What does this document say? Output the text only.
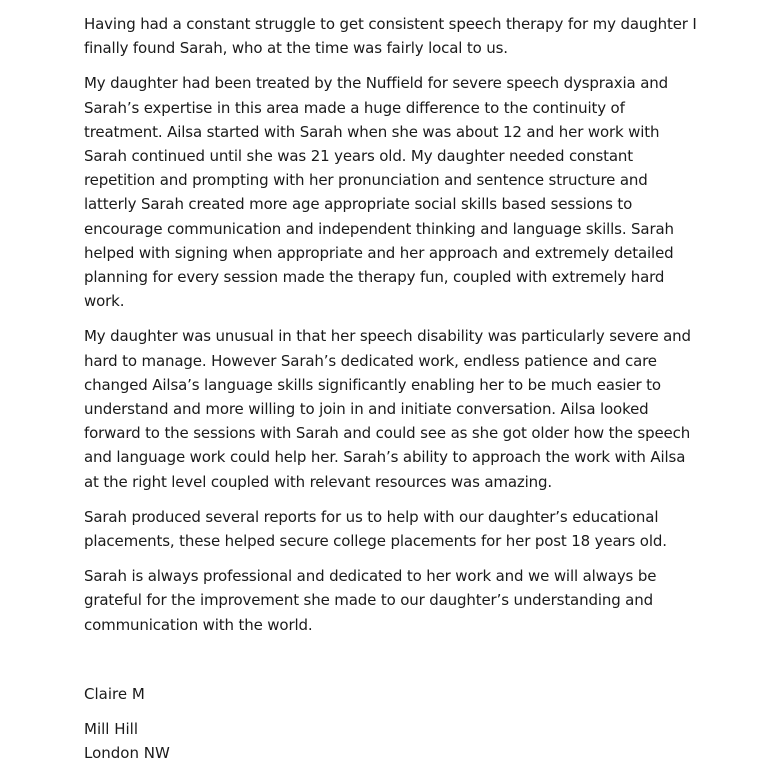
Having had a constant struggle to get consistent speech therapy for my daughter I finally found Sarah, who at the time was fairly local to us.

My daughter had been treated by the Nuffield for severe speech dyspraxia and Sarah’s expertise in this area made a huge difference to the continuity of treatment. Ailsa started with Sarah when she was about 12 and her work with Sarah continued until she was 21 years old. My daughter needed constant repetition and prompting with her pronunciation and sentence structure and latterly Sarah created more age appropriate social skills based sessions to encourage communication and independent thinking and language skills. Sarah helped with signing when appropriate and her approach and extremely detailed planning for every session made the therapy fun, coupled with extremely hard work.

My daughter was unusual in that her speech disability was particularly severe and hard to manage. However Sarah’s dedicated work, endless patience and care changed Ailsa’s language skills significantly enabling her to be much easier to understand and more willing to join in and initiate conversation. Ailsa looked forward to the sessions with Sarah and could see as she got older how the speech and language work could help her. Sarah’s ability to approach the work with Ailsa at the right level coupled with relevant resources was amazing.

Sarah produced several reports for us to help with our daughter’s educational placements, these helped secure college placements for her post 18 years old.

Sarah is always professional and dedicated to her work and we will always be grateful for the improvement she made to our daughter’s understanding and communication with the world.

Claire M

Mill Hill
London NW
